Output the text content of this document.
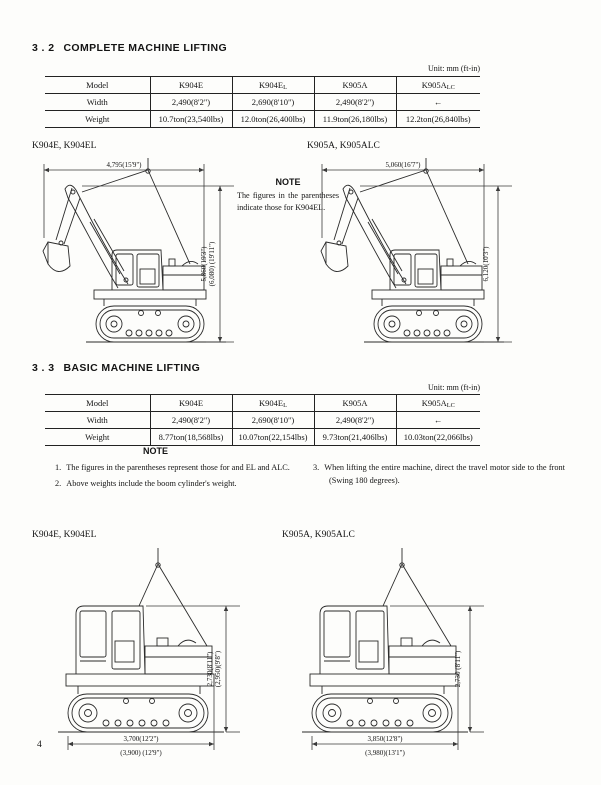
3 . 2 COMPLETE MACHINE LIFTING
Unit: mm (ft-in)
Model	K904E	K904EL	K905A	K905ALC
Width	2,490(8'2")	2,690(8'10")	2,490(8'2")	←
Weight	10.7ton(23,540lbs)	12.0ton(26,400lbs)	11.9ton(26,180lbs)	12.2ton(26,840lbs)
K904E, K904EL	K905A, K905ALC
NOTE

The figures in the parentheses indicate those for K904EL.

4,795(15'9")
5,860(19'3") (6,080) (19'11")
5,060(16'7")
6,120(10'3")
3 . 3 BASIC MACHINE LIFTING
Unit: mm (ft-in)
Model	K904E	K904EL	K905A	K905ALC
Width	2,490(8'2")	2,690(8'10")	2,490(8'2")	←
Weight	8.77ton(18,568lbs)	10.07ton(22,154lbs)	9.73ton(21,406lbs)	10.03ton(22,066lbs)
NOTE

1. The figures in the parentheses represent those for and EL and ALC.

2. Above weights include the boom cylinder's weight.

3. When lifting the entire machine, direct the travel motor side to the front (Swing 180 degrees).

K904E, K904EL	K905A, K905ALC
3,700(12'2")
(3,900) (12'9")
2,730(8'11") (2,950)(9'8")
3,850(12'8")
(3,980)(13'1")
2,730 (8'11")
4
